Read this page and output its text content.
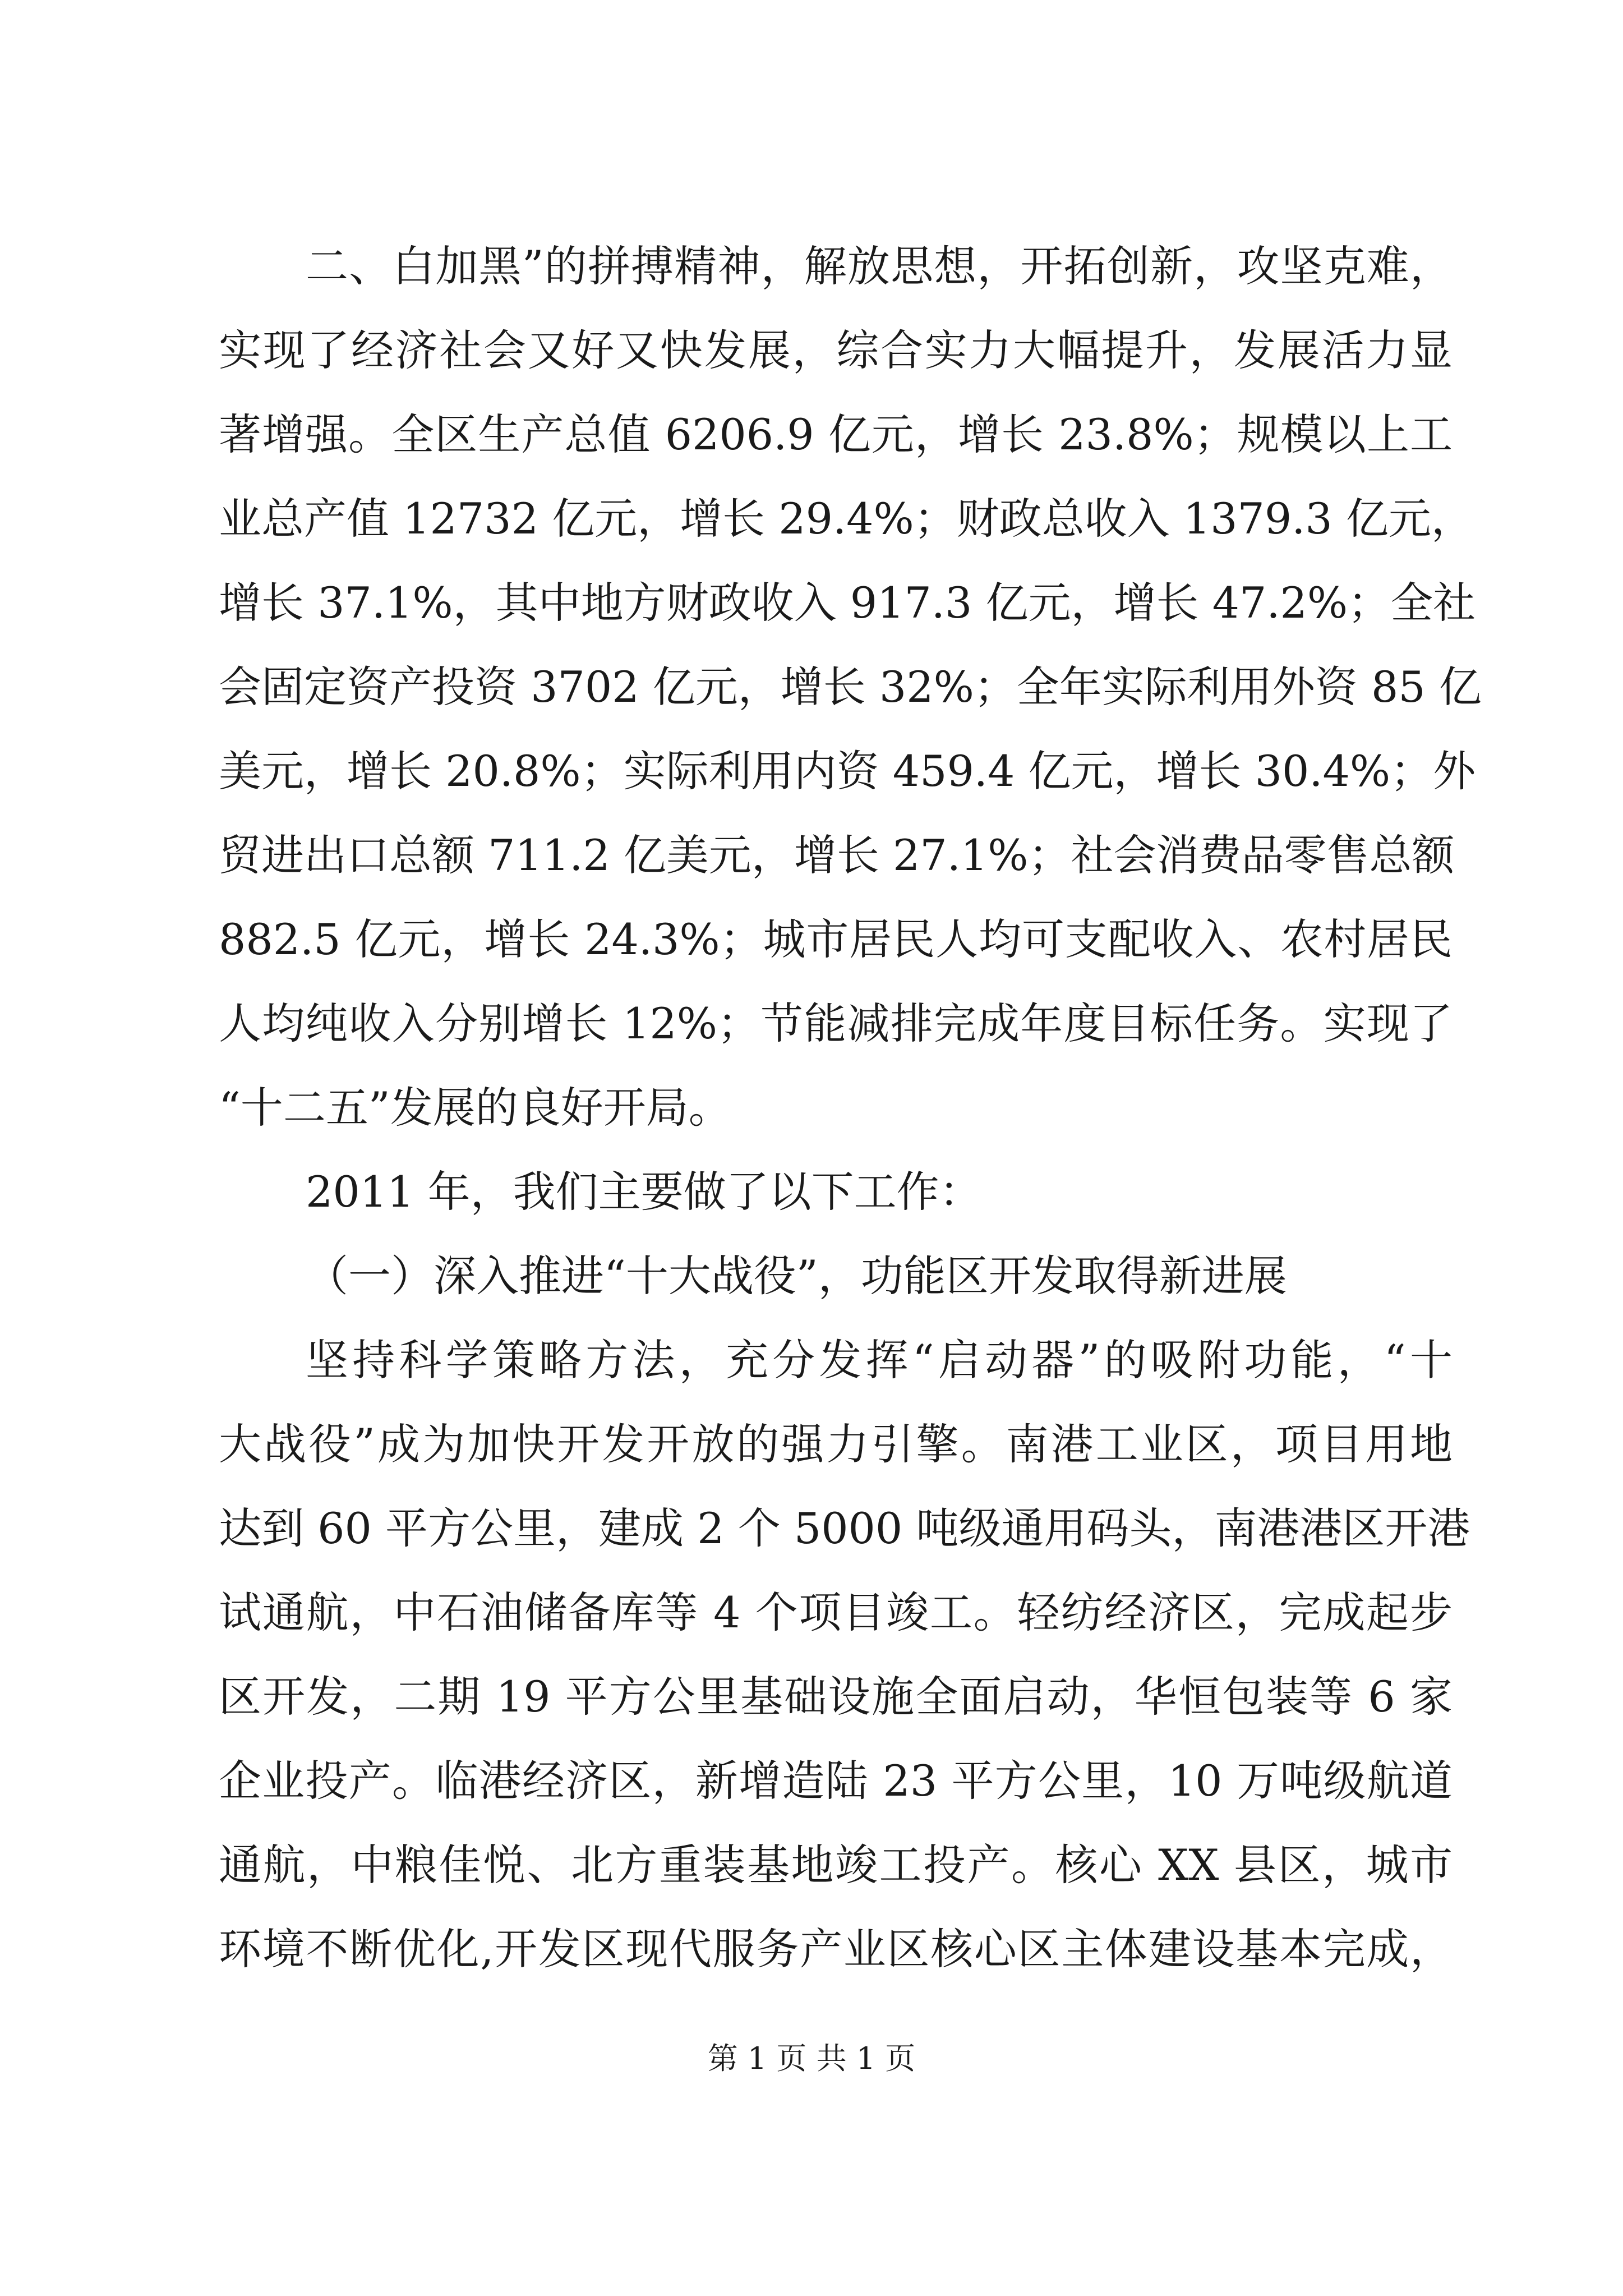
二、白加黑”的拼搏精神，解放思想，开拓创新，攻坚克难，
实现了经济社会又好又快发展，综合实力大幅提升，发展活力显
著增强。全区生产总值 6206.9 亿元，增长 23.8%；规模以上工
业总产值 12732 亿元，增长 29.4%；财政总收入 1379.3 亿元，
增长 37.1%，其中地方财政收入 917.3 亿元，增长 47.2%；全社
会固定资产投资 3702 亿元，增长 32%；全年实际利用外资 85 亿
美元，增长 20.8%；实际利用内资 459.4 亿元，增长 30.4%；外
贸进出口总额 711.2 亿美元，增长 27.1%；社会消费品零售总额
882.5 亿元，增长 24.3%；城市居民人均可支配收入、农村居民
人均纯收入分别增长 12%；节能减排完成年度目标任务。实现了
“十二五”发展的良好开局。
2011 年，我们主要做了以下工作：
（一）深入推进“十大战役”，功能区开发取得新进展
坚持科学策略方法，充分发挥“启动器”的吸附功能，“十
大战役”成为加快开发开放的强力引擎。南港工业区，项目用地
达到 60 平方公里，建成 2 个 5000 吨级通用码头，南港港区开港
试通航，中石油储备库等 4 个项目竣工。轻纺经济区，完成起步
区开发，二期 19 平方公里基础设施全面启动，华恒包装等 6 家
企业投产。临港经济区，新增造陆 23 平方公里，10 万吨级航道
通航，中粮佳悦、北方重装基地竣工投产。核心 XX 县区，城市
第 1 页 共 1 页
环境不断优化,开发区现代服务产业区核心区主体建设基本完成，
